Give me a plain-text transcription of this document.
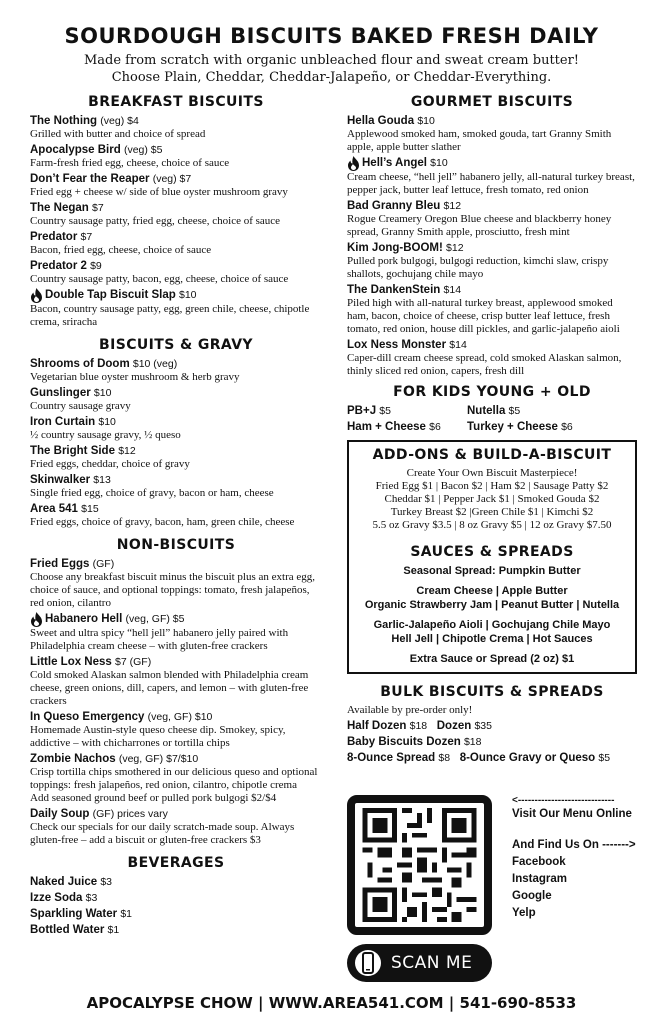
SOURDOUGH BISCUITS BAKED FRESH DAILY
Made from scratch with organic unbleached flour and sweat cream butter!
Choose Plain, Cheddar, Cheddar-Jalapeño, or Cheddar-Everything.
BREAKFAST BISCUITS
The Nothing (veg) $4
Grilled with butter and choice of spread
Apocalypse Bird (veg) $5
Farm-fresh fried egg, cheese, choice of sauce
Don’t Fear the Reaper (veg) $7
Fried egg + cheese w/ side of blue oyster mushroom gravy
The Negan $7
Country sausage patty, fried egg, cheese, choice of sauce
Predator $7
Bacon, fried egg, cheese, choice of sauce
Predator 2 $9
Country sausage patty, bacon, egg, cheese, choice of sauce
Double Tap Biscuit Slap $10
Bacon, country sausage patty, egg, green chile, cheese, chipotle crema, sriracha
BISCUITS & GRAVY
Shrooms of Doom $10 (veg)
Vegetarian blue oyster mushroom & herb gravy
Gunslinger $10
Country sausage gravy
Iron Curtain $10
½ country sausage gravy, ½ queso
The Bright Side $12
Fried eggs, cheddar, choice of gravy
Skinwalker $13
Single fried egg, choice of gravy, bacon or ham, cheese
Area 541 $15
Fried eggs, choice of gravy, bacon, ham, green chile, cheese
NON-BISCUITS
Fried Eggs (GF)
Choose any breakfast biscuit minus the biscuit plus an extra egg, choice of sauce, and optional toppings: tomato, fresh jalapeños, red onion, cilantro
Habanero Hell (veg, GF) $5
Sweet and ultra spicy “hell jell” habanero jelly paired with Philadelphia cream cheese – with gluten-free crackers
Little Lox Ness $7 (GF)
Cold smoked Alaskan salmon blended with Philadelphia cream cheese, green onions, dill, capers, and lemon – with gluten-free crackers
In Queso Emergency (veg, GF) $10
Homemade Austin-style queso cheese dip. Smokey, spicy, addictive – with chicharrones or tortilla chips
Zombie Nachos (veg, GF) $7/$10
Crisp tortilla chips smothered in our delicious queso and optional toppings: fresh jalapeños, red onion, cilantro, chipotle crema
Add seasoned ground beef or pulled pork bulgogi $2/$4
Daily Soup (GF) prices vary
Check our specials for our daily scratch-made soup. Always gluten-free – add a biscuit or gluten-free crackers $3
BEVERAGES
Naked Juice $3
Izze Soda $3
Sparkling Water $1
Bottled Water $1
GOURMET BISCUITS
Hella Gouda $10
Applewood smoked ham, smoked gouda, tart Granny Smith apple, apple butter slather
Hell’s Angel $10
Cream cheese, “hell jell” habanero jelly, all-natural turkey breast, pepper jack, butter leaf lettuce, fresh tomato, red onion
Bad Granny Bleu $12
Rogue Creamery Oregon Blue cheese and blackberry honey spread, Granny Smith apple, prosciutto, fresh mint
Kim Jong-BOOM! $12
Pulled pork bulgogi, bulgogi reduction, kimchi slaw, crispy shallots, gochujang chile mayo
The DankenStein $14
Piled high with all-natural turkey breast, applewood smoked ham, bacon, choice of cheese, crisp butter leaf lettuce, fresh tomato, red onion, house dill pickles, and garlic-jalapeño aioli
Lox Ness Monster $14
Caper-dill cream cheese spread, cold smoked Alaskan salmon, thinly sliced red onion, capers, fresh dill
FOR KIDS YOUNG + OLD
PB+J $5	Nutella $5
Ham + Cheese $6	Turkey + Cheese $6
ADD-ONS & BUILD-A-BISCUIT
Create Your Own Biscuit Masterpiece!
Fried Egg $1 | Bacon $2 | Ham $2 | Sausage Patty $2
Cheddar $1 | Pepper Jack $1 | Smoked Gouda $2
Turkey Breast $2 |Green Chile $1 | Kimchi $2
5.5 oz Gravy $3.5 | 8 oz Gravy $5 | 12 oz Gravy $7.50
SAUCES & SPREADS
Seasonal Spread: Pumpkin Butter
Cream Cheese | Apple Butter
Organic Strawberry Jam | Peanut Butter | Nutella
Garlic-Jalapeño Aioli | Gochujang Chile Mayo
Hell Jell | Chipotle Crema | Hot Sauces
Extra Sauce or Spread (2 oz) $1
BULK BISCUITS & SPREADS
Available by pre-order only!
Half Dozen $18 Dozen $35
Baby Biscuits Dozen $18
8-Ounce Spread $8 8-Ounce Gravy or Queso $5
SCAN ME
<-----------------------------
Visit Our Menu Online
And Find Us On ------->
Facebook
Instagram
Google
Yelp
APOCALYPSE CHOW | WWW.AREA541.COM | 541-690-8533
